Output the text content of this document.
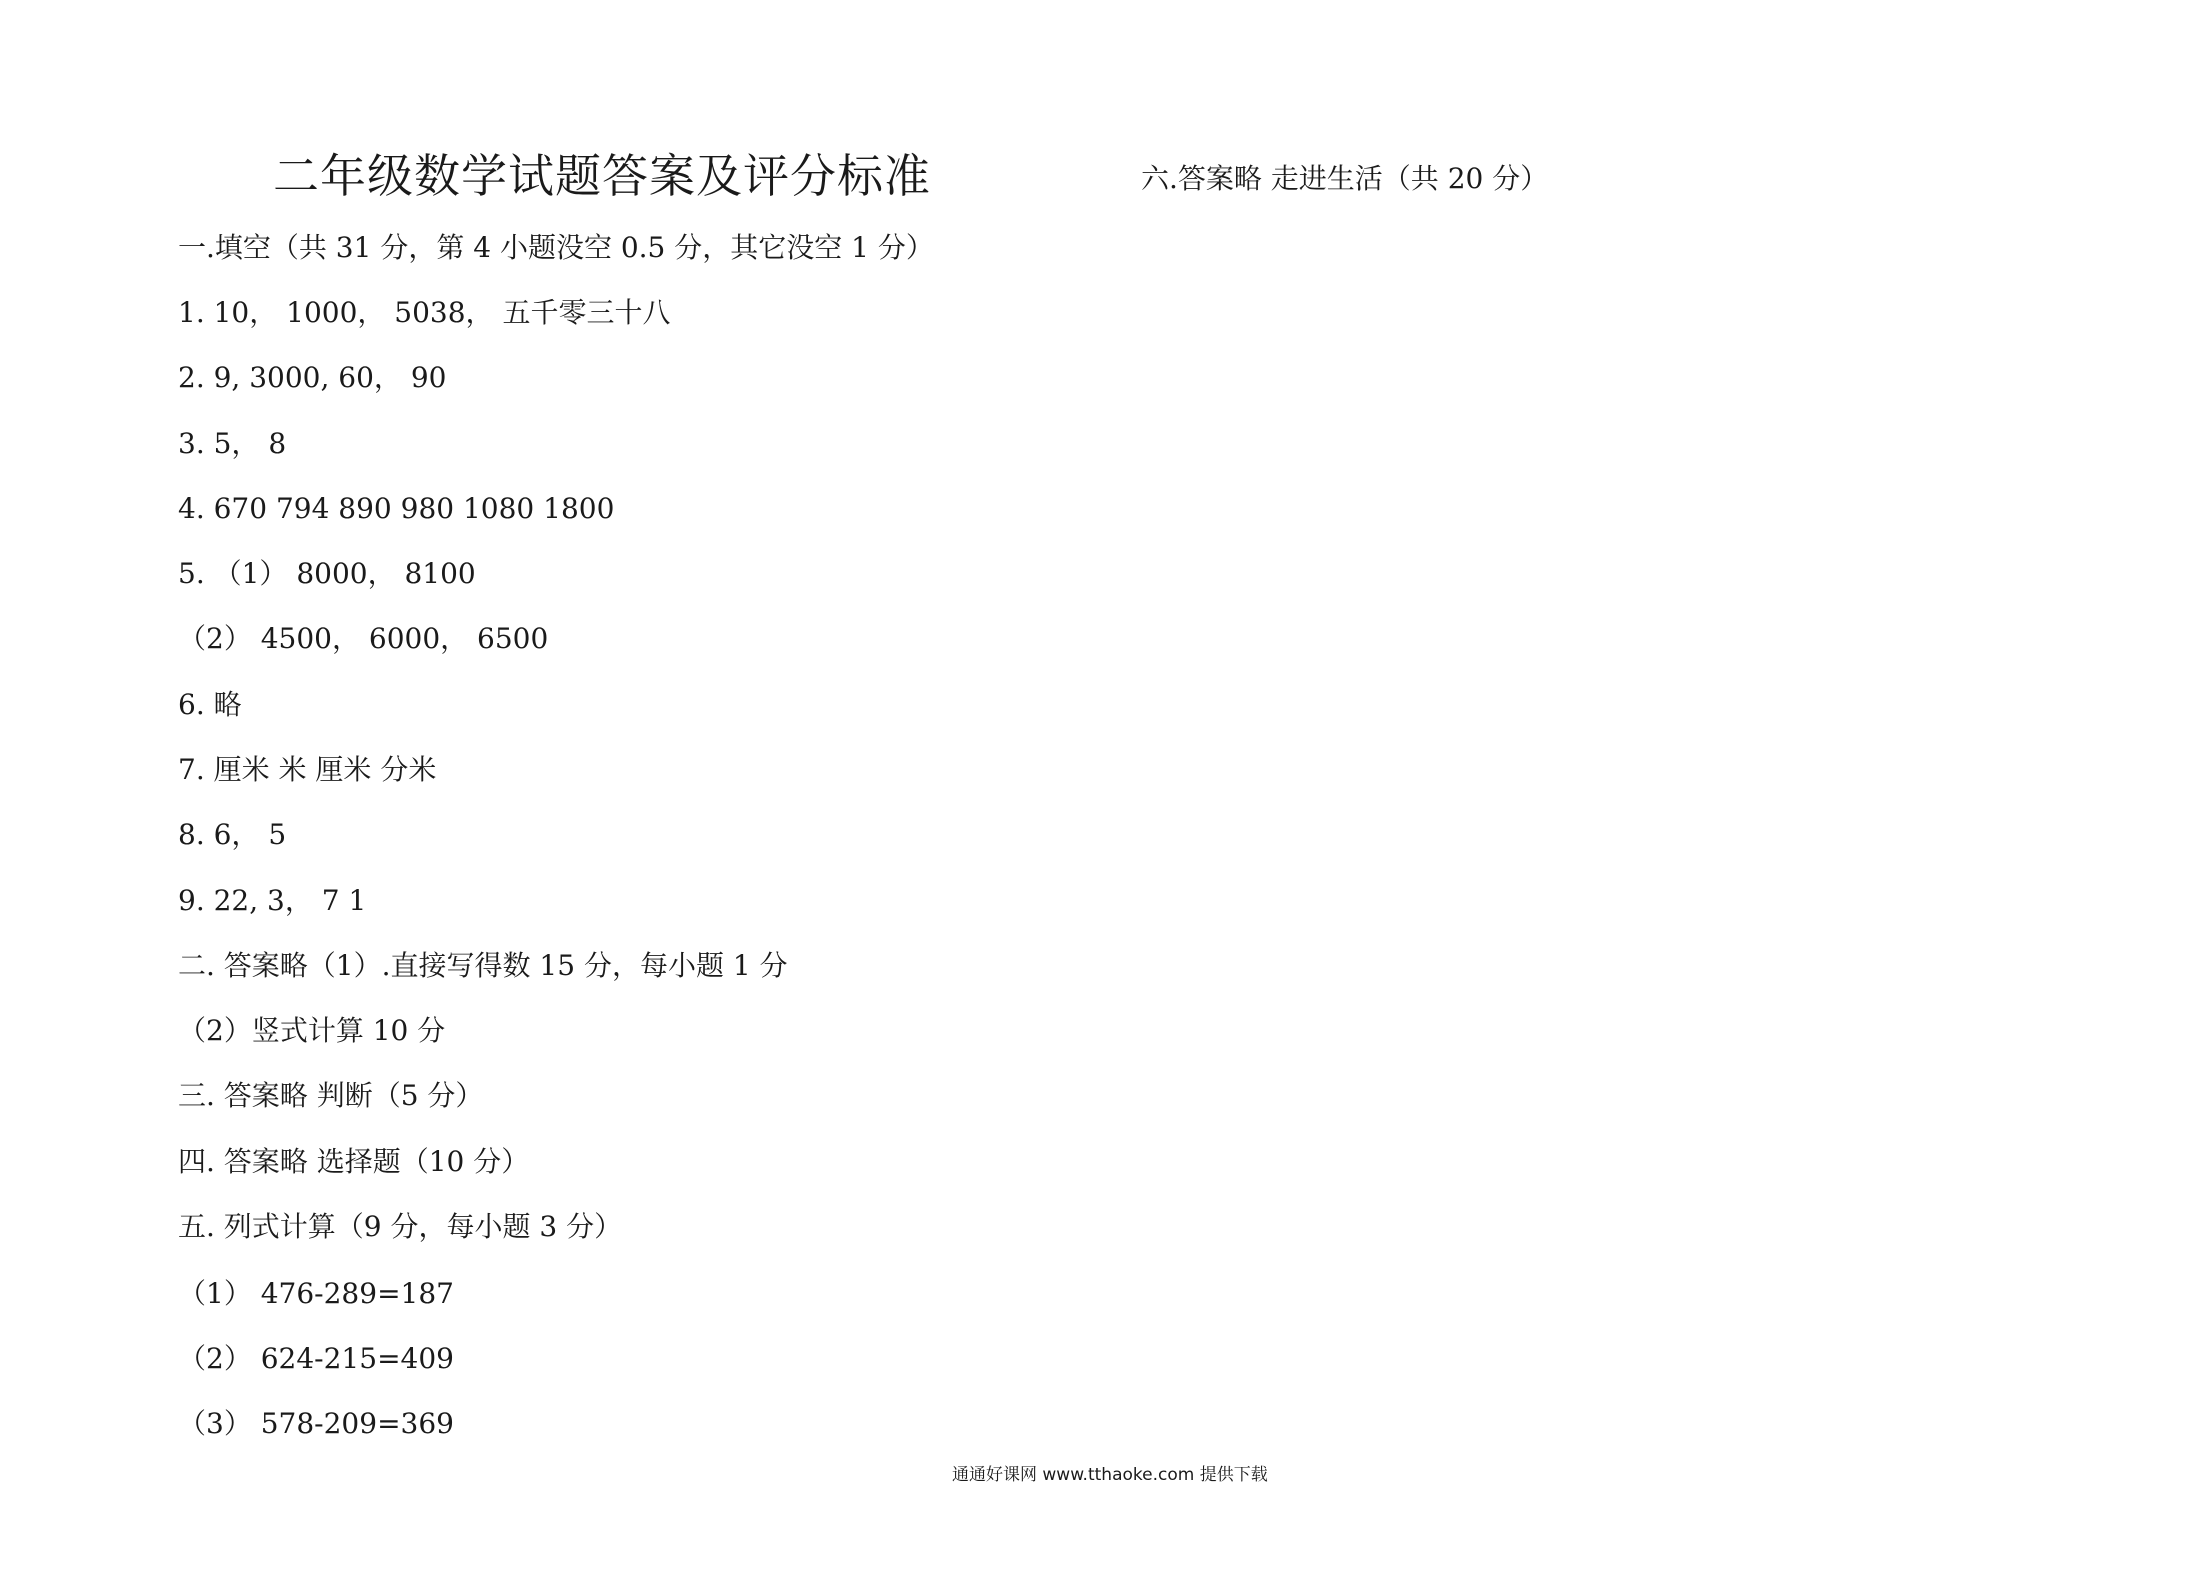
二年级数学试题答案及评分标准	六.答案略 走进生活（共 20 分）
一.填空（共 31 分，第 4 小题没空 0.5 分，其它没空 1 分）
1. 10， 1000， 5038， 五千零三十八
2. 9, 3000, 60， 90
3. 5， 8
4. 670 794 890 980 1080 1800
5. （1） 8000， 8100
（2） 4500， 6000， 6500
6. 略
7. 厘米 米 厘米 分米
8. 6， 5
9. 22, 3， 7 1
二. 答案略（1）.直接写得数 15 分，每小题 1 分
（2）竖式计算 10 分
三. 答案略 判断（5 分）
四. 答案略 选择题（10 分）
五. 列式计算（9 分，每小题 3 分）
（1） 476-289=187
（2） 624-215=409
（3） 578-209=369
通通好课网 www.tthaoke.com 提供下载
